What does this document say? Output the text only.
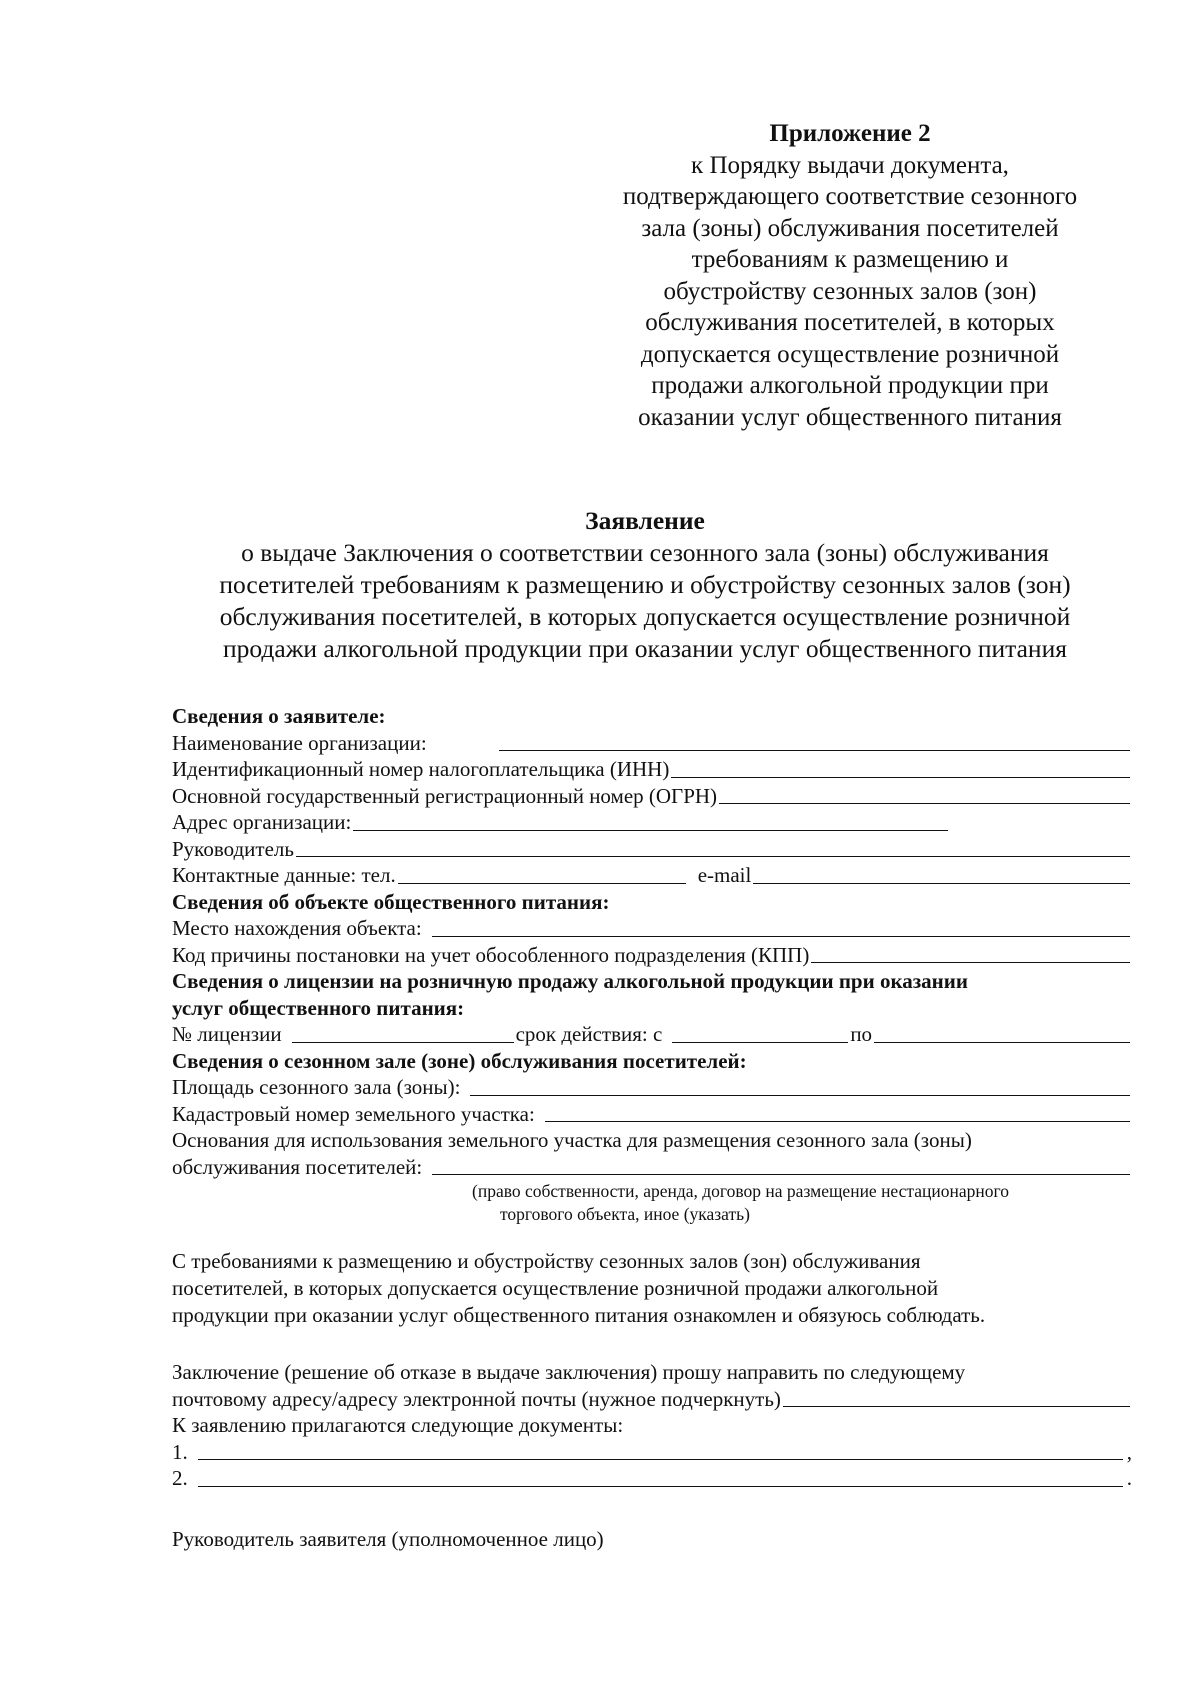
Приложение 2
к Порядку выдачи документа,
подтверждающего соответствие сезонного
зала (зоны) обслуживания посетителей
требованиям к размещению и
обустройству сезонных залов (зон)
обслуживания посетителей, в которых
допускается осуществление розничной
продажи алкогольной продукции при
оказании услуг общественного питания
Заявление
о выдаче Заключения о соответствии сезонного зала (зоны) обслуживания
посетителей требованиям к размещению и обустройству сезонных залов (зон)
обслуживания посетителей, в которых допускается осуществление розничной
продажи алкогольной продукции при оказании услуг общественного питания
Сведения о заявителе:
Наименование организации:
Идентификационный номер налогоплательщика (ИНН)
Основной государственный регистрационный номер (ОГРН)
Адрес организации:
Руководитель
Контактные данные: тел.	e-mail
Сведения об объекте общественного питания:
Место нахождения объекта:
Код причины постановки на учет обособленного подразделения (КПП)
Сведения о лицензии на розничную продажу алкогольной продукции при оказании
услуг общественного питания:
№ лицензии	срок действия: с	по
Сведения о сезонном зале (зоне) обслуживания посетителей:
Площадь сезонного зала (зоны):
Кадастровый номер земельного участка:
Основания для использования земельного участка для размещения сезонного зала (зоны)
обслуживания посетителей:
(право собственности, аренда, договор на размещение нестационарного
торгового объекта, иное (указать)
С требованиями к размещению и обустройству сезонных залов (зон) обслуживания
посетителей, в которых допускается осуществление розничной продажи алкогольной
продукции при оказании услуг общественного питания ознакомлен и обязуюсь соблюдать.
Заключение (решение об отказе в выдаче заключения) прошу направить по следующему
почтовому адресу/адресу электронной почты (нужное подчеркнуть)
К заявлению прилагаются следующие документы:
1.	,
2.	.
Руководитель заявителя (уполномоченное лицо)
